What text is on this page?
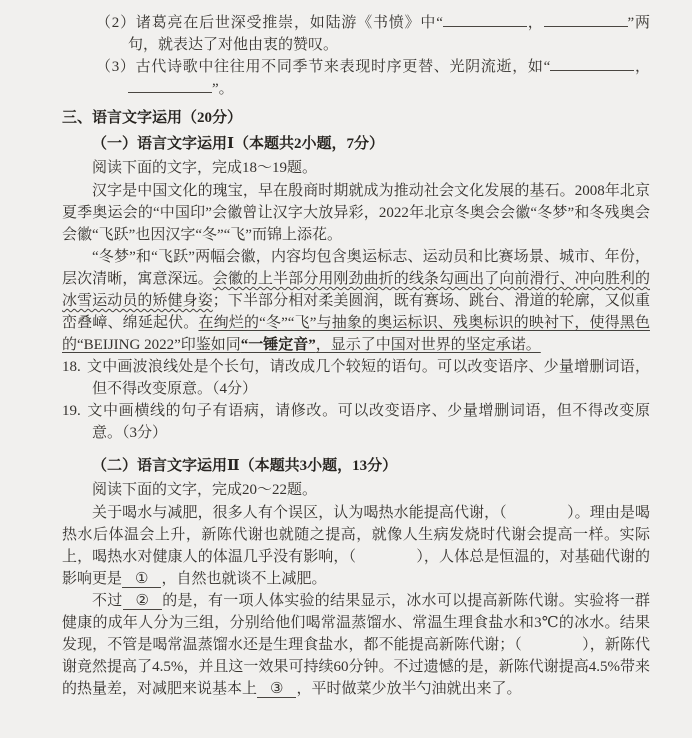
（2）诸葛亮在后世深受推崇，如陆游《书愤》中“	，	”两句，就表达了对他由衷的赞叹。
（3）古代诗歌中往往用不同季节来表现时序更替、光阴流逝，如“	，”。
三、语言文字运用（20分）
（一）语言文字运用Ⅰ（本题共2小题，7分）
阅读下面的文字，完成18～19题。
汉字是中国文化的瑰宝，早在殷商时期就成为推动社会文化发展的基石。2008年北京夏季奥运会的“中国印”会徽曾让汉字大放异彩，2022年北京冬奥会会徽“冬梦”和冬残奥会会徽“飞跃”也因汉字“冬”“飞”而锦上添花。
“冬梦”和“飞跃”两幅会徽，内容均包含奥运标志、运动员和比赛场景、城市、年份，层次清晰，寓意深远。会徽的上半部分用刚劲曲折的线条勾画出了向前滑行、冲向胜利的冰雪运动员的矫健身姿；下半部分相对柔美圆润，既有赛场、跳台、滑道的轮廓，又似重峦叠嶂、绵延起伏。在绚烂的“冬”“飞”与抽象的奥运标识、残奥标识的映衬下，使得黑色的“BEIJING 2022”印鉴如同“一锤定音”，显示了中国对世界的坚定承诺。
18. 文中画波浪线处是个长句，请改成几个较短的语句。可以改变语序、少量增删词语，但不得改变原意。（4分）
19. 文中画横线的句子有语病，请修改。可以改变语序、少量增删词语，但不得改变原意。（3分）
（二）语言文字运用Ⅱ（本题共3小题，13分）
阅读下面的文字，完成20～22题。
关于喝水与减肥，很多人有个误区，认为喝热水能提高代谢，（　　　　）。理由是喝热水后体温会上升，新陈代谢也就随之提高，就像人生病发烧时代谢会提高一样。实际上，喝热水对健康人的体温几乎没有影响，（　　　　），人体总是恒温的，对基础代谢的影响更是 ① ，自然也就谈不上减肥。
不过 ② 的是，有一项人体实验的结果显示，冰水可以提高新陈代谢。实验将一群健康的成年人分为三组，分别给他们喝常温蒸馏水、常温生理食盐水和3℃的冰水。结果发现，不管是喝常温蒸馏水还是生理食盐水，都不能提高新陈代谢；（　　　　），新陈代谢竟然提高了4.5%，并且这一效果可持续60分钟。不过遗憾的是，新陈代谢提高4.5%带来的热量差，对减肥来说基本上 ③ ，平时做菜少放半勺油就出来了。
